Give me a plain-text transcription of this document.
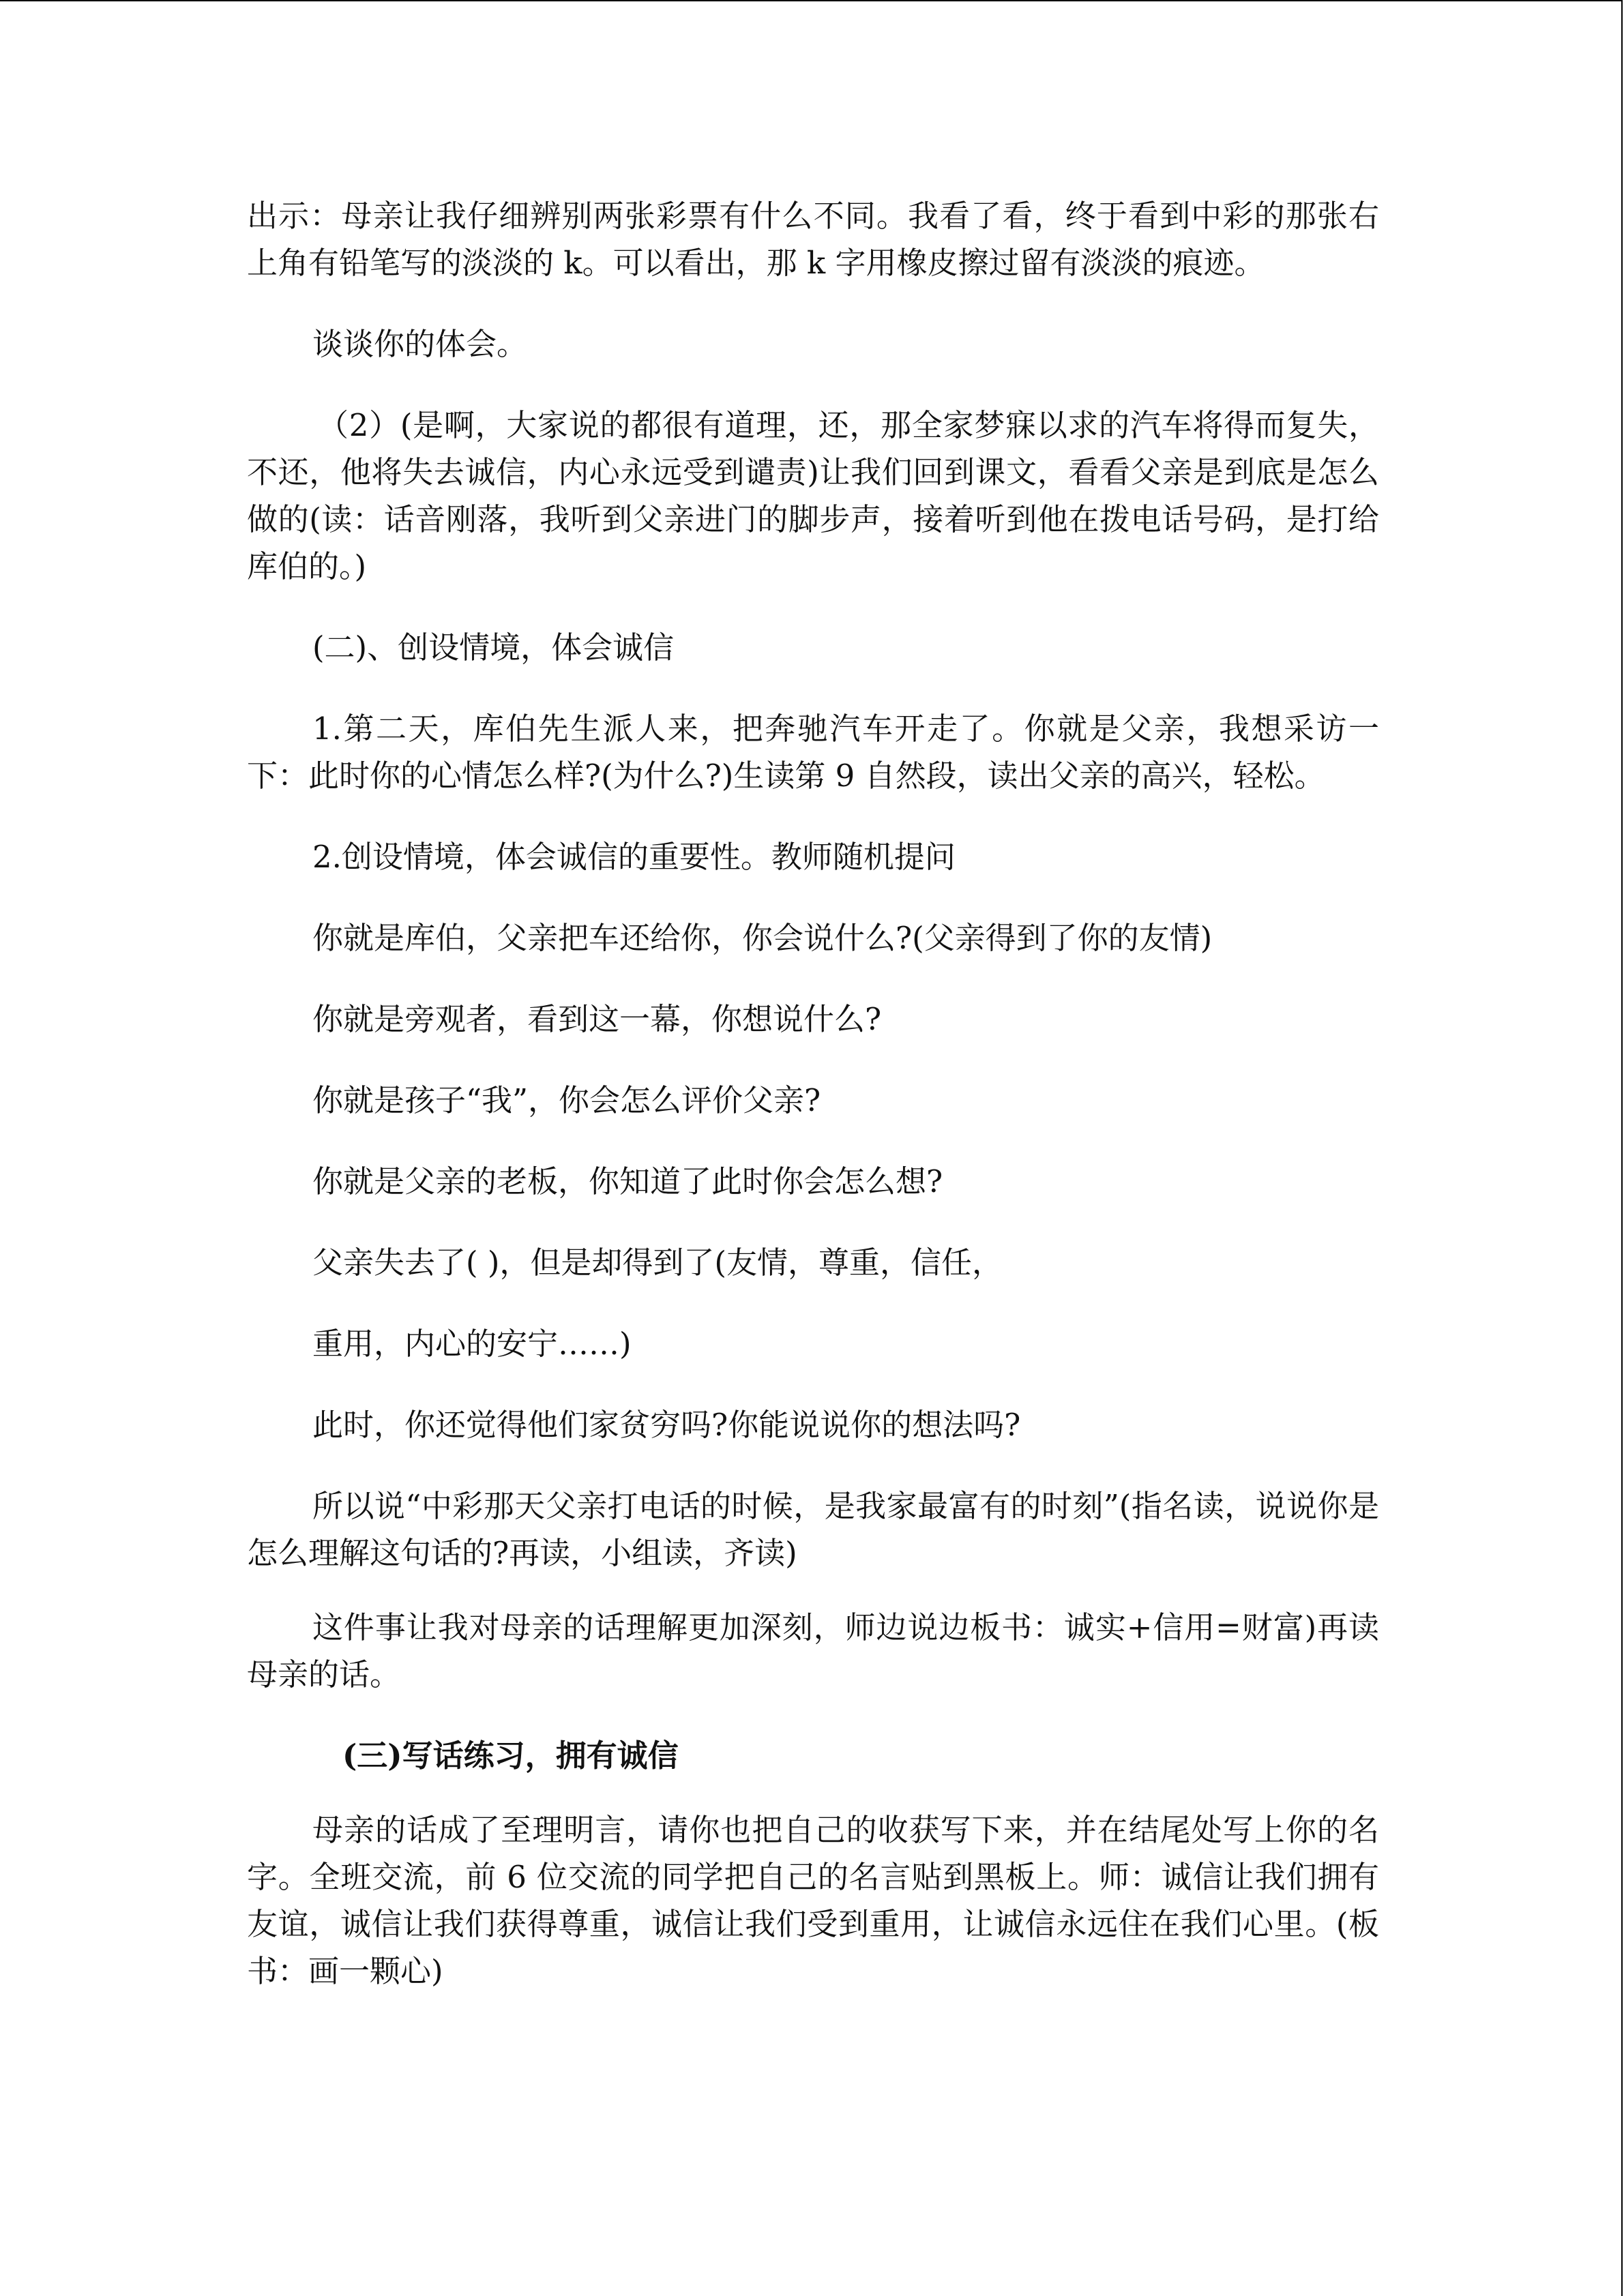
出示：母亲让我仔细辨别两张彩票有什么不同。我看了看，终于看到中彩的那张右上角有铅笔写的淡淡的 k。可以看出，那 k 字用橡皮擦过留有淡淡的痕迹。

谈谈你的体会。

（2）(是啊，大家说的都很有道理，还，那全家梦寐以求的汽车将得而复失，不还，他将失去诚信，内心永远受到谴责)让我们回到课文，看看父亲是到底是怎么做的(读：话音刚落，我听到父亲进门的脚步声，接着听到他在拨电话号码，是打给库伯的。)

(二)、创设情境，体会诚信

1.第二天，库伯先生派人来，把奔驰汽车开走了。你就是父亲，我想采访一下：此时你的心情怎么样?(为什么?)生读第 9 自然段，读出父亲的高兴，轻松。

2.创设情境，体会诚信的重要性。教师随机提问

你就是库伯，父亲把车还给你，你会说什么?(父亲得到了你的友情)

你就是旁观者，看到这一幕，你想说什么?

你就是孩子“我”，你会怎么评价父亲?

你就是父亲的老板，你知道了此时你会怎么想?

父亲失去了( )，但是却得到了(友情，尊重，信任，

重用，内心的安宁……)

此时，你还觉得他们家贫穷吗?你能说说你的想法吗?

所以说“中彩那天父亲打电话的时候，是我家最富有的时刻”(指名读，说说你是怎么理解这句话的?再读，小组读，齐读)

这件事让我对母亲的话理解更加深刻，师边说边板书：诚实+信用=财富)再读母亲的话。

(三)写话练习，拥有诚信

母亲的话成了至理明言，请你也把自己的收获写下来，并在结尾处写上你的名字。全班交流，前 6 位交流的同学把自己的名言贴到黑板上。师：诚信让我们拥有友谊，诚信让我们获得尊重，诚信让我们受到重用，让诚信永远住在我们心里。(板书：画一颗心)
